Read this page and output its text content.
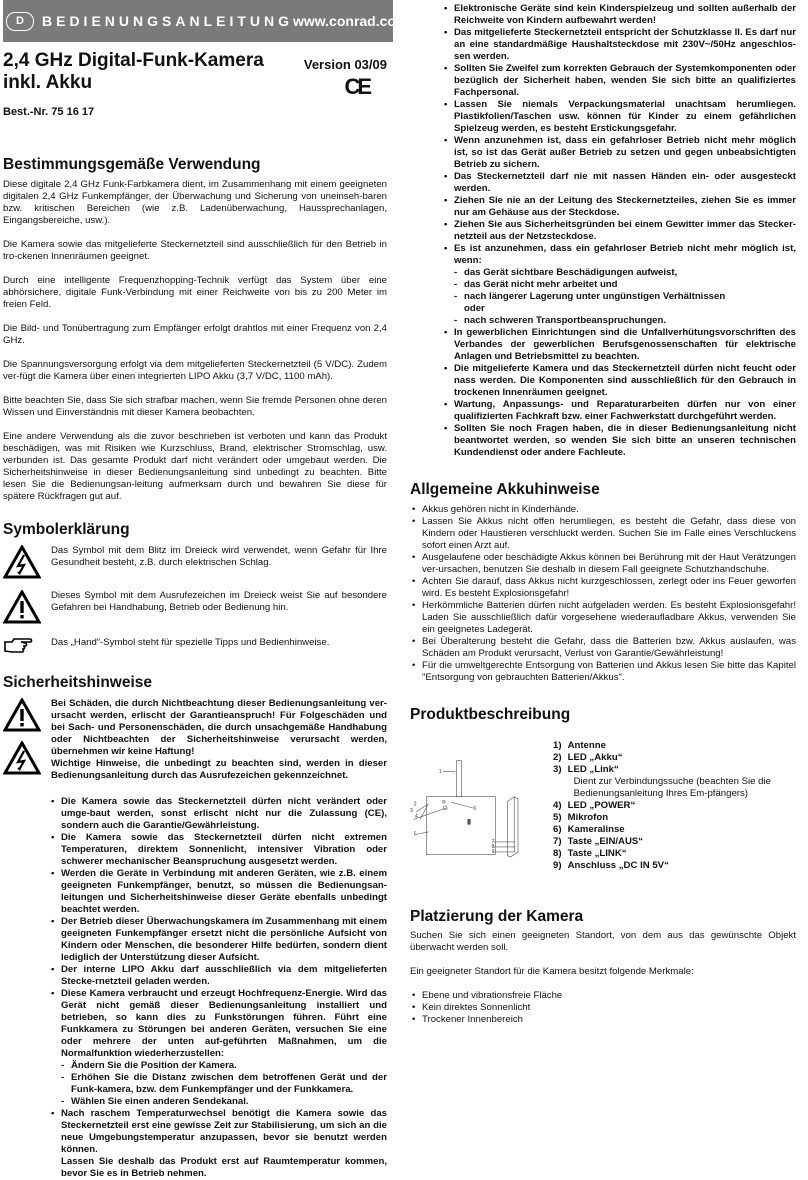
D	BEDIENUNGSANLEITUNG www.conrad.com
2,4 GHz Digital-Funk-Kamera
inkl. Akku
Version 03/09
CE
Best.-Nr. 75 16 17
Bestimmungsgemäße Verwendung

Diese digitale 2,4 GHz Funk-Farbkamera dient, im Zusammenhang mit einem geeigneten digitalen 2,4 GHz Funkempfänger, der Überwachung und Sicherung von uneinseh-baren bzw. kritischen Bereichen (wie z.B. Ladenüberwachung, Haussprechanlagen, Eingangsbereiche, usw.).

Die Kamera sowie das mitgelieferte Steckernetzteil sind ausschließlich für den Betrieb in tro-ckenen Innenräumen geeignet.

Durch eine intelligente Frequenzhopping-Technik verfügt das System über eine abhörsichere, digitale Funk-Verbindung mit einer Reichweite von bis zu 200 Meter im freien Feld.

Die Bild- und Tonübertragung zum Empfänger erfolgt drahtlos mit einer Frequenz von 2,4 GHz.

Die Spannungsversorgung erfolgt via dem mitgelieferten Steckernetzteil (5 V/DC). Zudem ver-fügt die Kamera über einen integrierten LIPO Akku (3,7 V/DC, 1100 mAh).

Bitte beachten Sie, dass Sie sich strafbar machen, wenn Sie fremde Personen ohne deren Wissen und Einverständnis mit dieser Kamera beobachten.

Eine andere Verwendung als die zuvor beschrieben ist verboten und kann das Produkt beschädigen, was mit Risiken wie Kurzschluss, Brand, elektrischer Stromschlag, usw. verbunden ist. Das gesamte Produkt darf nicht verändert oder umgebaut werden. Die Sicherheitshinweise in dieser Bedienungsanleitung sind unbedingt zu beachten. Bitte lesen Sie die Bedienungsan-leitung aufmerksam durch und bewahren Sie diese für spätere Rückfragen gut auf.

Symbolerklärung

Das Symbol mit dem Blitz im Dreieck wird verwendet, wenn Gefahr für Ihre Gesundheit besteht, z.B. durch elektrischen Schlag.

Dieses Symbol mit dem Ausrufezeichen im Dreieck weist Sie auf besondere Gefahren bei Handhabung, Betrieb oder Bedienung hin.

Das „Hand“-Symbol steht für spezielle Tipps und Bedienhinweise.

Sicherheitshinweise

Bei Schäden, die durch Nichtbeachtung dieser Bedienungsanleitung ver-ursacht werden, erlischt der Garantieanspruch! Für Folgeschäden und bei Sach- und Personenschäden, die durch unsachgemäße Handhabung oder Nichtbeachten der Sicherheitshinweise verursacht werden, übernehmen wir keine Haftung!

Wichtige Hinweise, die unbedingt zu beachten sind, werden in dieser Bedienungsanleitung durch das Ausrufezeichen gekennzeichnet.

• Die Kamera sowie das Steckernetzteil dürfen nicht verändert oder umge-baut werden, sonst erlischt nicht nur die Zulassung (CE), sondern auch die Garantie/Gewährleistung.
• Die Kamera sowie das Steckernetzteil dürfen nicht extremen Temperaturen, direktem Sonnenlicht, intensiver Vibration oder schwerer mechanischer Beanspruchung ausgesetzt werden.
• Werden die Geräte in Verbindung mit anderen Geräten, wie z.B. einem geeigneten Funkempfänger, benutzt, so müssen die Bedienungsan-leitungen und Sicherheitshinweise dieser Geräte ebenfalls unbedingt beachtet werden.
• Der Betrieb dieser Überwachungskamera im Zusammenhang mit einem geeigneten Funkempfänger ersetzt nicht die persönliche Aufsicht von Kindern oder Menschen, die besonderer Hilfe bedürfen, sondern dient lediglich der Unterstützung dieser Aufsicht.
• Der interne LIPO Akku darf ausschließlich via dem mitgelieferten Stecke-rnetzteil geladen werden.
• Diese Kamera verbraucht und erzeugt Hochfrequenz-Energie. Wird das Gerät nicht gemäß dieser Bedienungsanleitung installiert und betrieben, so kann dies zu Funkstörungen führen. Führt eine Funkkamera zu Störungen bei anderen Geräten, versuchen Sie eine oder mehrere der unten auf-geführten Maßnahmen, um die Normalfunktion wiederherzustellen:
- Ändern Sie die Position der Kamera.
- Erhöhen Sie die Distanz zwischen dem betroffenen Gerät und der Funk-kamera, bzw. dem Funkempfänger und der Funkkamera.
- Wählen Sie einen anderen Sendekanal.
• Nach raschem Temperaturwechsel benötigt die Kamera sowie das Steckernetzteil erst eine gewisse Zeit zur Stabilisierung, um sich an die neue Umgebungstemperatur anzupassen, bevor sie benutzt werden können.
Lassen Sie deshalb das Produkt erst auf Raumtemperatur kommen, bevor Sie es in Betrieb nehmen.
• Elektronische Geräte sind kein Kinderspielzeug und sollten außerhalb der Reichweite von Kindern aufbewahrt werden!
• Das mitgelieferte Steckernetzteil entspricht der Schutzklasse II. Es darf nur an eine standardmäßige Haushaltsteckdose mit 230V~/50Hz angeschlos-sen werden.
• Sollten Sie Zweifel zum korrekten Gebrauch der Systemkomponenten oder bezüglich der Sicherheit haben, wenden Sie sich bitte an qualifiziertes Fachpersonal.
• Lassen Sie niemals Verpackungsmaterial unachtsam herumliegen. Plastikfolien/Taschen usw. können für Kinder zu einem gefährlichen Spielzeug werden, es besteht Erstickungsgefahr.
• Wenn anzunehmen ist, dass ein gefahrloser Betrieb nicht mehr möglich ist, so ist das Gerät außer Betrieb zu setzen und gegen unbeabsichtigten Betrieb zu sichern.
• Das Steckernetzteil darf nie mit nassen Händen ein- oder ausgesteckt werden.
• Ziehen Sie nie an der Leitung des Steckernetzteiles, ziehen Sie es immer nur am Gehäuse aus der Steckdose.
• Ziehen Sie aus Sicherheitsgründen bei einem Gewitter immer das Stecker-netzteil aus der Netzsteckdose.
• Es ist anzunehmen, dass ein gefahrloser Betrieb nicht mehr möglich ist, wenn:
- das Gerät sichtbare Beschädigungen aufweist,
- das Gerät nicht mehr arbeitet und
- nach längerer Lagerung unter ungünstigen Verhältnissen
oder
- nach schweren Transportbeanspruchungen.
• In gewerblichen Einrichtungen sind die Unfallverhütungsvorschriften des Verbandes der gewerblichen Berufsgenossenschaften für elektrische Anlagen und Betriebsmittel zu beachten.
• Die mitgelieferte Kamera und das Steckernetzteil dürfen nicht feucht oder nass werden. Die Komponenten sind ausschließlich für den Gebrauch in trockenen Innenräumen geeignet.
• Wartung, Anpassungs- und Reparaturarbeiten dürfen nur von einer qualifizierten Fachkraft bzw. einer Fachwerkstatt durchgeführt werden.
• Sollten Sie noch Fragen haben, die in dieser Bedienungsanleitung nicht beantwortet werden, so wenden Sie sich bitte an unseren technischen Kundendienst oder andere Fachleute.
Allgemeine Akkuhinweise
• Akkus gehören nicht in Kinderhände.
• Lassen Sie Akkus nicht offen herumliegen, es besteht die Gefahr, dass diese von Kindern oder Haustieren verschluckt werden. Suchen Sie im Falle eines Verschluckens sofort einen Arzt auf.
• Ausgelaufene oder beschädigte Akkus können bei Berührung mit der Haut Verätzungen ver-ursachen, benutzen Sie deshalb in diesem Fall geeignete Schutzhandschuhe.
• Achten Sie darauf, dass Akkus nicht kurzgeschlossen, zerlegt oder ins Feuer geworfen wird. Es besteht Explosionsgefahr!
• Herkömmliche Batterien dürfen nicht aufgeladen werden. Es besteht Explosionsgefahr! Laden Sie ausschließlich dafür vorgesehene wiederaufladbare Akkus, verwenden Sie ein geeignetes Ladegerät.
• Bei Überalterung besteht die Gefahr, dass die Batterien bzw. Akkus auslaufen, was Schäden am Produkt verursacht, Verlust von Garantie/Gewährleistung!
• Für die umweltgerechte Entsorgung von Batterien und Akkus lesen Sie bitte das Kapitel "Entsorgung von gebrauchten Batterien/Akkus".
Produktbeschreibung
1
2
3
4
5
6
7
8
9
1) Antenne
2) LED „Akku“
3) LED „Link“
Dient zur Verbindungssuche (beachten Sie die Bedienungsanleitung Ihres Em-pfängers)
4) LED „POWER“
5) Mikrofon
6) Kameralinse
7) Taste „EIN/AUS“
8) Taste „LINK“
9) Anschluss „DC IN 5V“
Platzierung der Kamera

Suchen Sie sich einen geeigneten Standort, von dem aus das gewünschte Objekt überwacht werden soll.

Ein geeigneter Standort für die Kamera besitzt folgende Merkmale:

• Ebene und vibrationsfreie Fläche
• Kein direktes Sonnenlicht
• Trockener Innenbereich
